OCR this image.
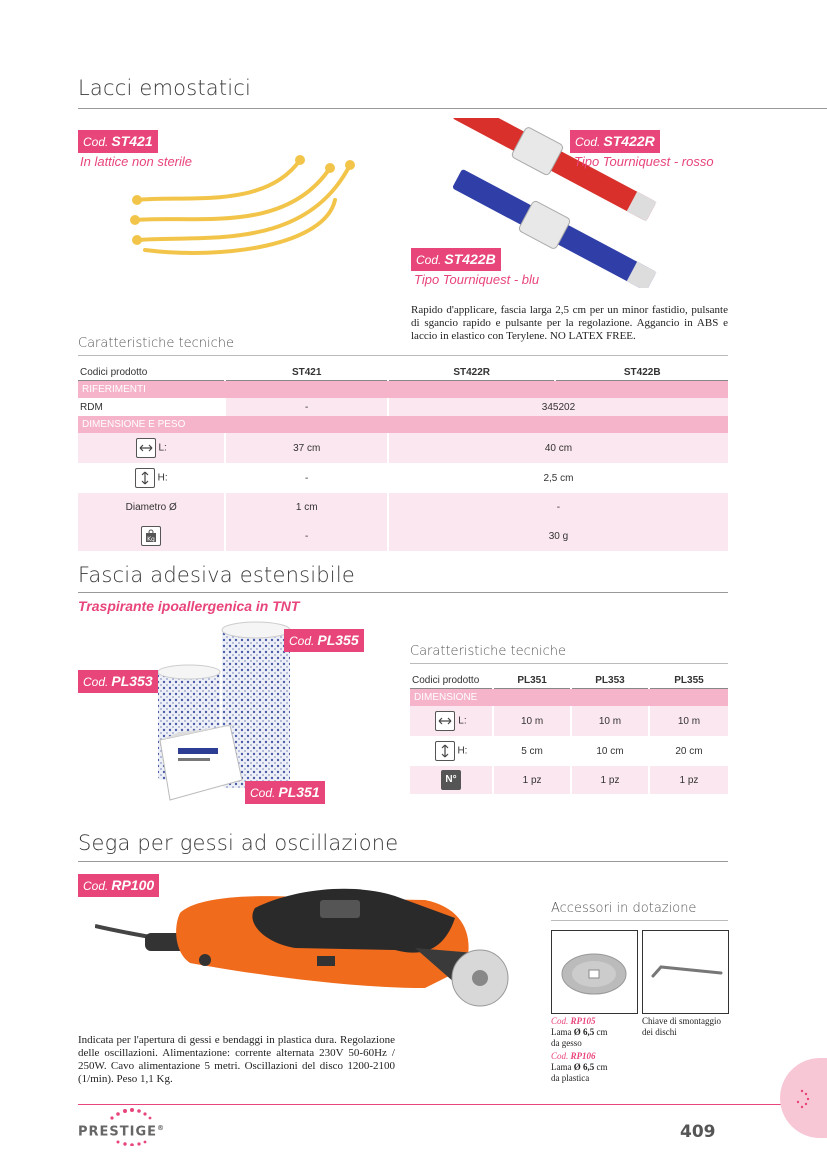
Lacci emostatici
Cod. ST421
In lattice non sterile
Cod. ST422R
Tipo Tourniquest - rosso
Cod. ST422B
Tipo Tourniquest - blu
Rapido d'applicare, fascia larga 2,5 cm per un minor fastidio, pulsante di sgancio rapido e pulsante per la regolazione. Aggancio in ABS e laccio in elastico con Terylene. NO LATEX FREE.
Caratteristiche tecniche
Codici prodotto	ST421	ST422R	ST422B
RIFERIMENTI			
RDM	-	345202	
DIMENSIONE E PESO			
L:	37 cm	40 cm	
H:	-	2,5 cm	
Diametro Ø	1 cm	-	

Kg	-	30 g	
Fascia adesiva estensibile
Traspirante ipoallergenica in TNT
Cod. PL355
Cod. PL353
Cod. PL351
Caratteristiche tecniche
Codici prodotto	PL351	PL353	PL355
DIMENSIONE			
L:	10 m	10 m	10 m
H:	5 cm	10 cm	20 cm
N°	1 pz	1 pz	1 pz
Sega per gessi ad oscillazione
Cod. RP100
Indicata per l'apertura di gessi e bendaggi in plastica dura. Regolazione delle oscillazioni. Alimentazione: corrente alternata 230V 50-60Hz / 250W. Cavo alimentazione 5 metri. Oscillazioni del disco 1200-2100 (1/min). Peso 1,1 Kg.
Accessori in dotazione
Cod. RP105
Lama Ø 6,5 cm
da gesso
Cod. RP106
Lama Ø 6,5 cm
da plastica
Chiave di smontaggio
dei dischi
PRESTIGE®	409
